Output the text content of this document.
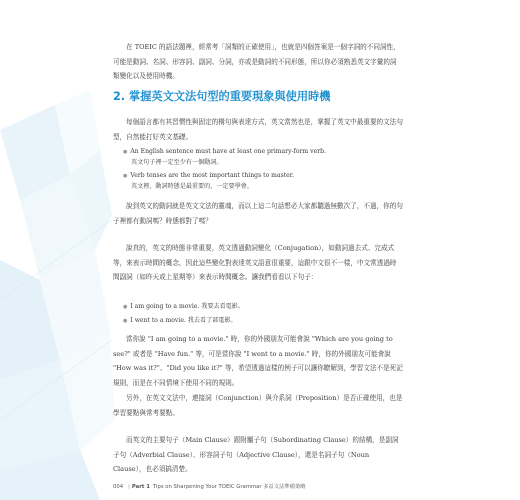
在 TOEIC 的語法題裡，經常考「詞類的正確使用」，也就是四個答案是一個字詞的不同詞性，可能是動詞、名詞、形容詞、副詞、分詞，亦或是動詞的不同形態，所以你必須熟悉英文字彙的詞類變化以及使用時機。

2. 掌握英文文法句型的重要現象與使用時機

每個語言都有其習慣性與固定的構句與表達方式，英文當然也是，掌握了英文中最重要的文法句型，自然能打好英文基礎。

● An English sentence must have at least one primary-form verb.
英文句子裡一定至少有一個動詞。
● Verb tenses are the most important things to master.
英文裡，動詞時態是最重要的，一定要學會。

說到英文的動詞就是英文文法的靈魂，而以上這二句話想必大家都聽過無數次了，不過，你的句子裡都有動詞嗎？時態都對了嗎？

說真的，英文的時態非常重要，英文透過動詞變化（Conjugation），如動詞過去式、完成式等，來表示時間的概念，因此這些變化對表達英文語意很重要，這跟中文很不一樣，中文常透過時間副詞（如昨天或上星期等）來表示時間概念。讓我們看看以下句子：

● I am going to a movie. 我要去看電影。
● I went to a movie. 我去看了部電影。

當你說 "I am going to a movie." 時，你的外國朋友可能會說 "Which are you going to see?" 或者是 "Have fun." 等，可是當你說 "I went to a movie." 時，你的外國朋友可能會說 "How was it?"、"Did you like it?" 等，希望透過這樣的例子可以讓你瞭解到，學習文法不是死記規則，而是在不同情境下使用不同的規則。

另外，在英文文法中，連接詞（Conjunction）與介系詞（Preposition）是否正確使用，也是學習要點與常考要點。

而英文的主要句子（Main Clause）跟附屬子句（Subordinating Clause）的結構，是副詞子句（Adverbial Clause）、形容詞子句（Adjective Clause），還是名詞子句（Noun Clause），也必須搞清楚。

004 | Part 1 Tips on Sharpening Your TOEIC Grammar 多益文法準備策略
